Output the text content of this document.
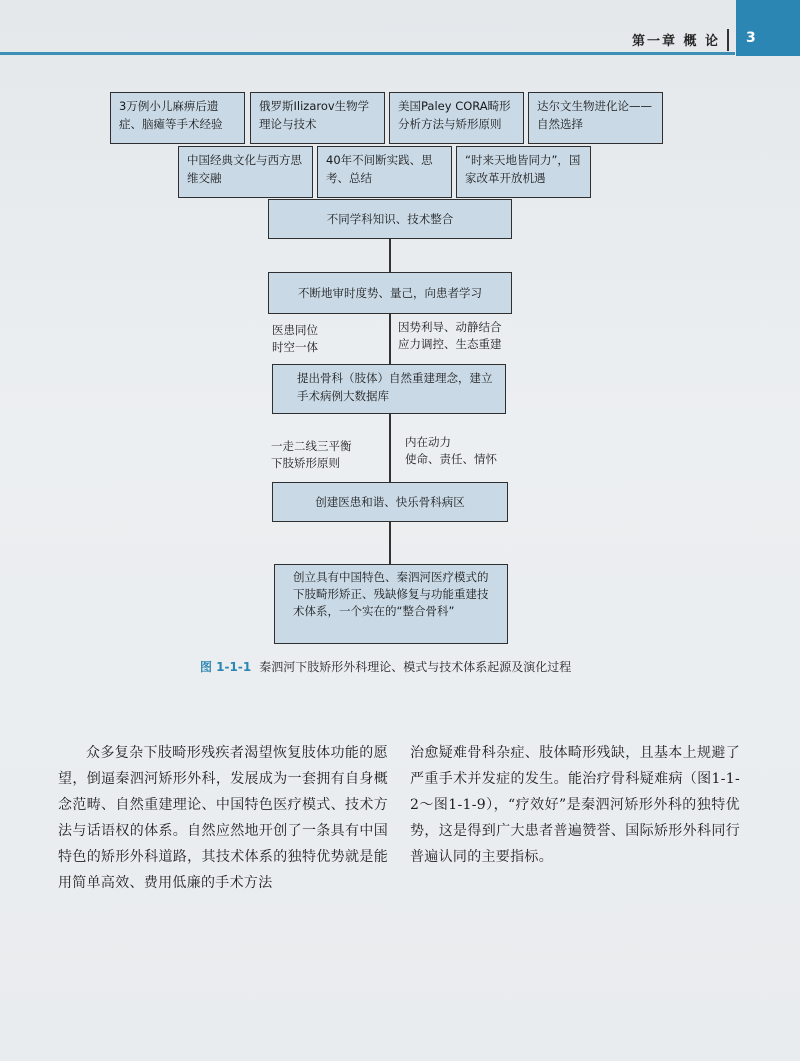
第一章 概 论 3
3万例小儿麻痹后遗症、脑瘫等手术经验
俄罗斯Ilizarov生物学理论与技术
美国Paley CORA畸形分析方法与矫形原则
达尔文生物进化论——自然选择
中国经典文化与西方思维交融
40年不间断实践、思考、总结
“时来天地皆同力”，国家改革开放机遇
不同学科知识、技术整合
不断地审时度势、量己，向患者学习
医患同位
时空一体
因势利导、动静结合
应力调控、生态重建
提出骨科（肢体）自然重建理念，建立手术病例大数据库
一走二线三平衡
下肢矫形原则
内在动力
使命、责任、情怀
创建医患和谐、快乐骨科病区
创立具有中国特色、秦泗河医疗模式的下肢畸形矫正、残缺修复与功能重建技术体系，一个实在的“整合骨科”
图 1-1-1 秦泗河下肢矫形外科理论、模式与技术体系起源及演化过程
众多复杂下肢畸形残疾者渴望恢复肢体功能的愿望，倒逼秦泗河矫形外科，发展成为一套拥有自身概念范畴、自然重建理论、中国特色医疗模式、技术方法与话语权的体系。自然应然地开创了一条具有中国特色的矫形外科道路，其技术体系的独特优势就是能用简单高效、费用低廉的手术方法
治愈疑难骨科杂症、肢体畸形残缺，且基本上规避了严重手术并发症的发生。能治疗骨科疑难病（图1-1-2～图1-1-9），“疗效好”是秦泗河矫形外科的独特优势，这是得到广大患者普遍赞誉、国际矫形外科同行普遍认同的主要指标。
